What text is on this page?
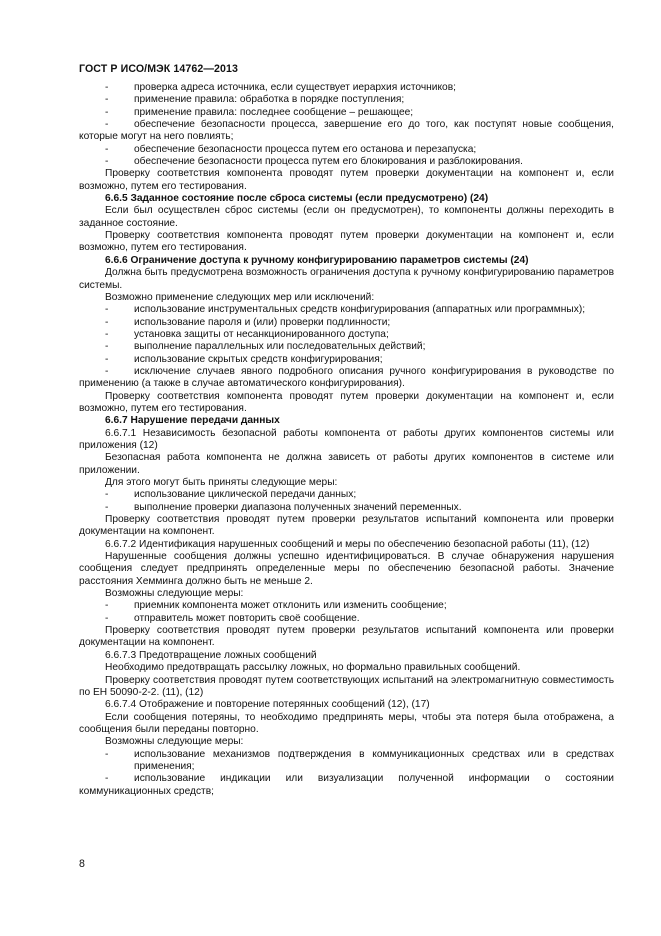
ГОСТ Р ИСО/МЭК 14762—2013
-	проверка адреса источника, если существует иерархия источников;
-	применение правила: обработка в порядке поступления;
-	применение правила: последнее сообщение – решающее;
-	обеспечение безопасности процесса, завершение его до того, как поступят новые сообщения, которые могут на него повлиять;
-	обеспечение безопасности процесса путем его останова и перезапуска;
-	обеспечение безопасности процесса путем его блокирования и разблокирования.
Проверку соответствия компонента проводят путем проверки документации на компонент и, если возможно, путем его тестирования.
6.6.5 Заданное состояние после сброса системы (если предусмотрено) (24)
Если был осуществлен сброс системы (если он предусмотрен), то компоненты должны переходить в заданное состояние.
Проверку соответствия компонента проводят путем проверки документации на компонент и, если возможно, путем его тестирования.
6.6.6 Ограничение доступа к ручному конфигурированию параметров системы (24)
Должна быть предусмотрена возможность ограничения доступа к ручному конфигурированию параметров системы.
Возможно применение следующих мер или исключений:
-	использование инструментальных средств конфигурирования (аппаратных или программных);
-	использование пароля и (или) проверки подлинности;
-	установка защиты от несанкционированного доступа;
-	выполнение параллельных или последовательных действий;
-	использование скрытых средств конфигурирования;
-	исключение случаев явного подробного описания ручного конфигурирования в руководстве по применению (а также в случае автоматического конфигурирования).
Проверку соответствия компонента проводят путем проверки документации на компонент и, если возможно, путем его тестирования.
6.6.7 Нарушение передачи данных
6.6.7.1 Независимость безопасной работы компонента от работы других компонентов системы или приложения (12)
Безопасная работа компонента не должна зависеть от работы других компонентов в системе или приложении.
Для этого могут быть приняты следующие меры:
-	использование циклической передачи данных;
-	выполнение проверки диапазона полученных значений переменных.
Проверку соответствия проводят путем проверки результатов испытаний компонента или проверки документации на компонент.
6.6.7.2 Идентификация нарушенных сообщений и меры по обеспечению безопасной работы (11), (12)
Нарушенные сообщения должны успешно идентифицироваться. В случае обнаружения нарушения сообщения следует предпринять определенные меры по обеспечению безопасной работы. Значение расстояния Хемминга должно быть не меньше 2.
Возможны следующие меры:
-	приемник компонента может отклонить или изменить сообщение;
-	отправитель может повторить своё сообщение.
Проверку соответствия проводят путем проверки результатов испытаний компонента или проверки документации на компонент.
6.6.7.3 Предотвращение ложных сообщений
Необходимо предотвращать рассылку ложных, но формально правильных сообщений.
Проверку соответствия проводят путем соответствующих испытаний на электромагнитную совместимость по ЕН 50090-2-2. (11), (12)
6.6.7.4 Отображение и повторение потерянных сообщений (12), (17)
Если сообщения потеряны, то необходимо предпринять меры, чтобы эта потеря была отображена, а сообщения были переданы повторно.
Возможны следующие меры:
-	использование механизмов подтверждения в коммуникационных средствах или в средствах применения;
-	использование индикации или визуализации полученной информации о состоянии коммуникационных средств;
8
